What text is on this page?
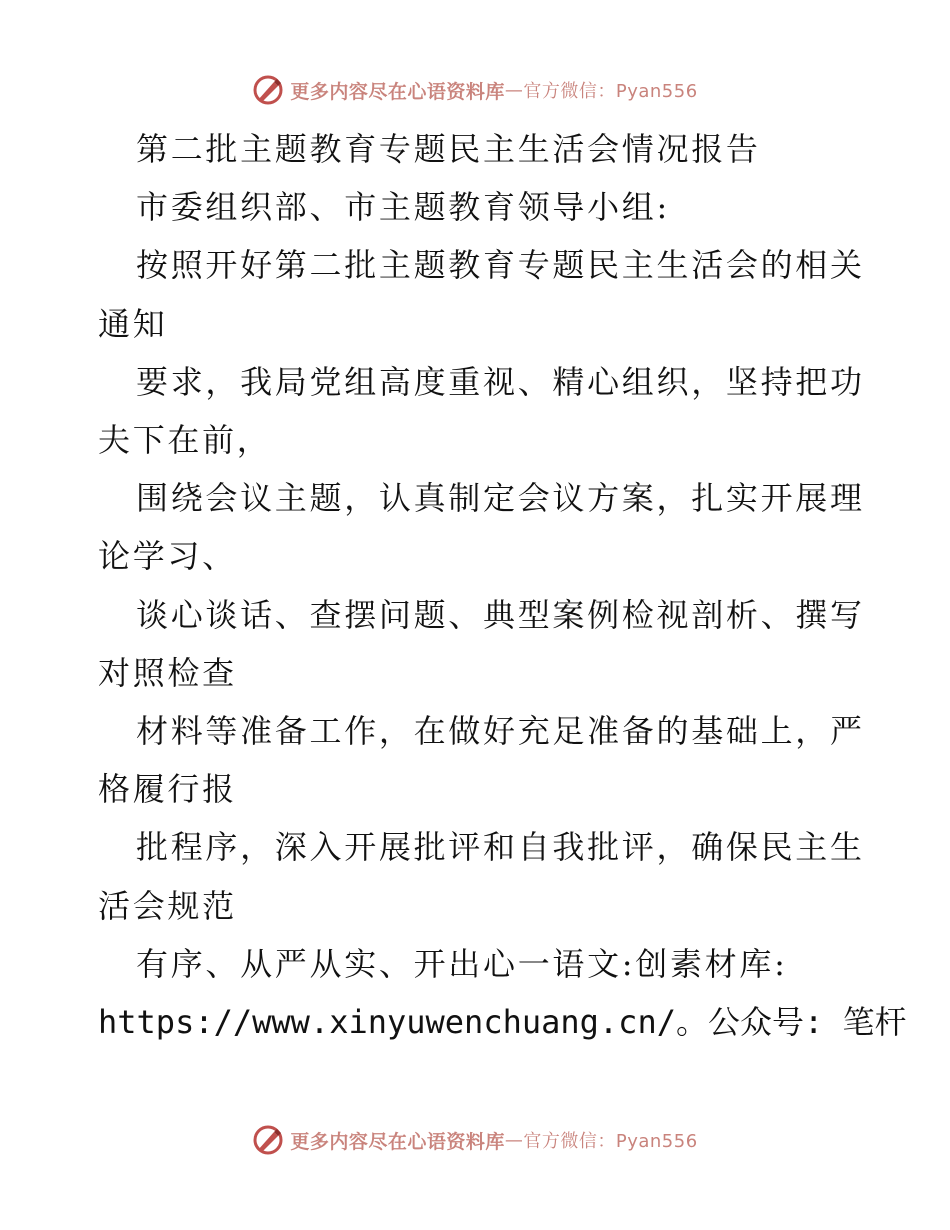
更多内容尽在心语资料库 — 官方微信：Pyan556

第二批主题教育专题民主生活会情况报告

市委组织部、市主题教育领导小组:

按照开好第二批主题教育专题民主生活会的相关

通知

要求，我局党组高度重视、精心组织，坚持把功

夫下在前，

围绕会议主题，认真制定会议方案，扎实开展理

论学习、

谈心谈话、查摆问题、典型案例检视剖析、撰写

对照检查

材料等准备工作，在做好充足准备的基础上，严

格履行报

批程序，深入开展批评和自我批评，确保民主生

活会规范

有序、从严从实、开出心一语文:创素材库:

https://www.xinyuwenchuang.cn/。公众号: 笔杆

更多内容尽在心语资料库 — 官方微信：Pyan556
